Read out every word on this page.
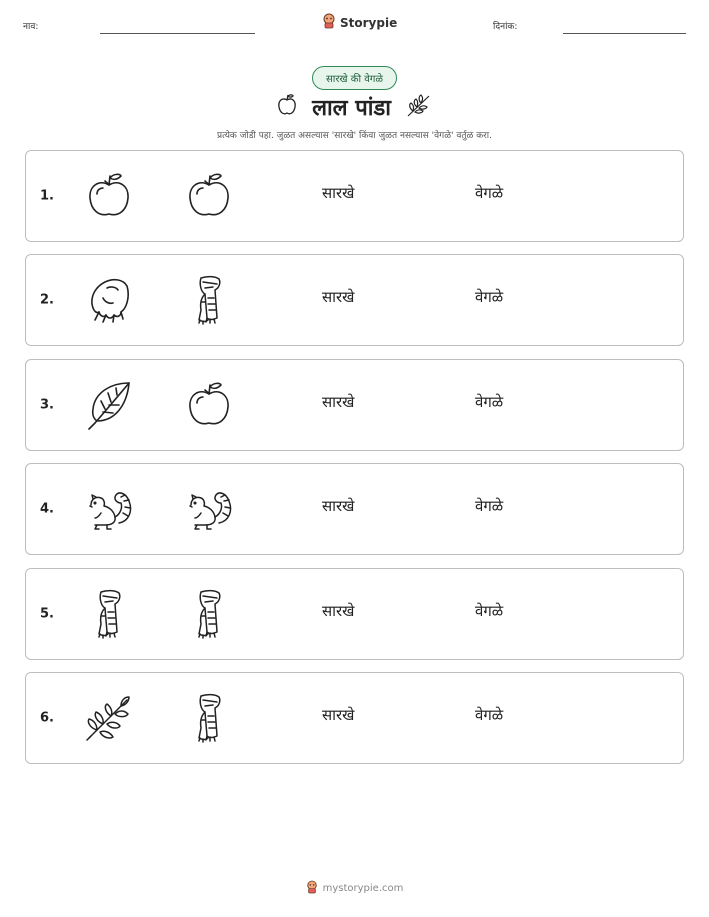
नाव:	Storypie	दिनांक:
सारखे की वेगळे
लाल पांडा
प्रत्येक जोडी पहा. जुळत असल्यास 'सारखे' किंवा जुळत नसल्यास 'वेगळे' वर्तुळ करा.
1.	सारखे	वेगळे
2.	सारखे	वेगळे
3.	सारखे	वेगळे
4.	सारखे	वेगळे
5.	सारखे	वेगळे
6.	सारखे	वेगळे
mystorypie.com
